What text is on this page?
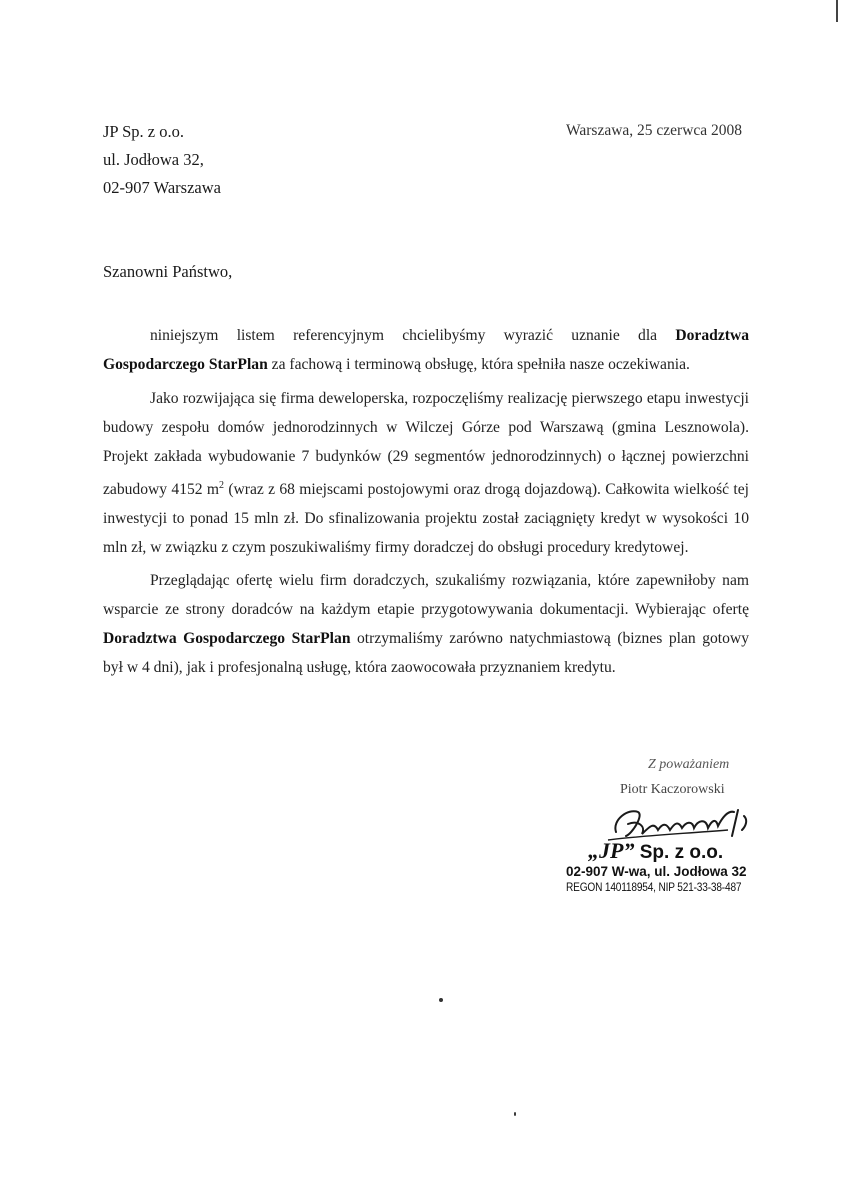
JP Sp. z o.o.
ul. Jodłowa 32,
02-907 Warszawa
Warszawa, 25 czerwca 2008
Szanowni Państwo,

niniejszym listem referencyjnym chcielibyśmy wyrazić uznanie dla Doradztwa Gospodarczego StarPlan za fachową i terminową obsługę, która spełniła nasze oczekiwania.

Jako rozwijająca się firma deweloperska, rozpoczęliśmy realizację pierwszego etapu inwestycji budowy zespołu domów jednorodzinnych w Wilczej Górze pod Warszawą (gmina Lesznowola). Projekt zakłada wybudowanie 7 budynków (29 segmentów jednorodzinnych) o łącznej powierzchni zabudowy 4152 $m^2$ (wraz z 68 miejscami postojowymi oraz drogą dojazdową). Całkowita wielkość tej inwestycji to ponad 15 mln zł. Do sfinalizowania projektu został zaciągnięty kredyt w wysokości 10 mln zł, w związku z czym poszukiwaliśmy firmy doradczej do obsługi procedury kredytowej.

Przeglądając ofertę wielu firm doradczych, szukaliśmy rozwiązania, które zapewniłoby nam wsparcie ze strony doradców na każdym etapie przygotowywania dokumentacji. Wybierając ofertę Doradztwa Gospodarczego StarPlan otrzymaliśmy zarówno natychmiastową (biznes plan gotowy był w 4 dni), jak i profesjonalną usługę, która zaowocowała przyznaniem kredytu.

Z poważaniem
Piotr Kaczorowski
„JP” Sp. z o.o.
02-907 W-wa, ul. Jodłowa 32
REGON 140118954, NIP 521-33-38-487
